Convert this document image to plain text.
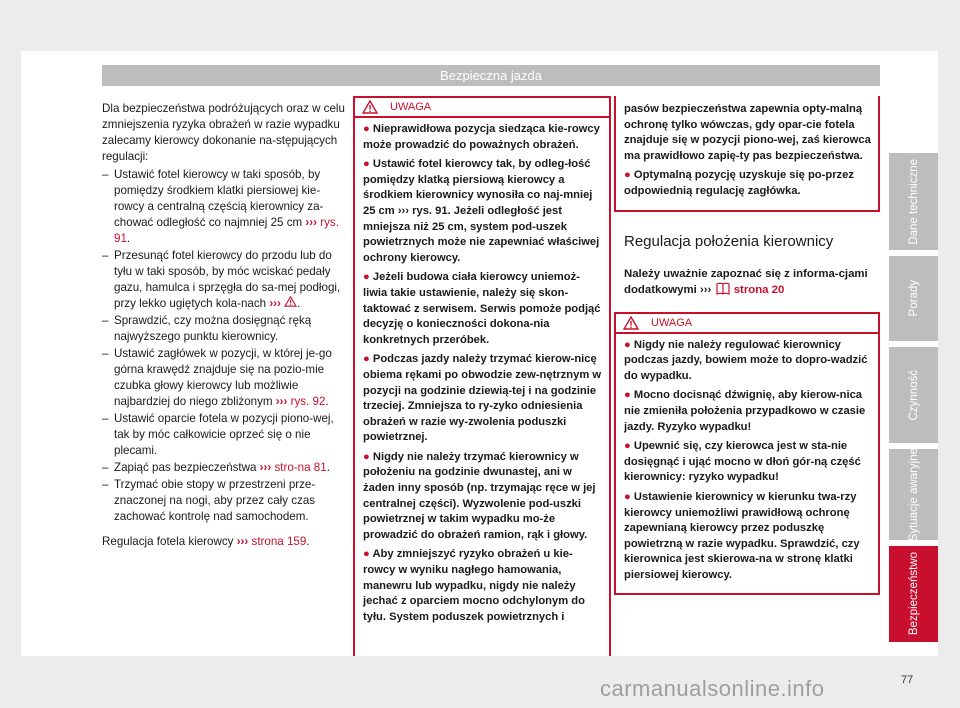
Bezpieczna jazda

Dla bezpieczeństwa podróżujących oraz w celu zmniejszenia ryzyka obrażeń w razie wypadku zalecamy kierowcy dokonanie na-stępujących regulacji:

– Ustawić fotel kierowcy w taki sposób, by pomiędzy środkiem klatki piersiowej kie-rowcy a centralną częścią kierownicy za-chować odległość co najmniej 25 cm ››› rys. 91.
– Przesunąć fotel kierowcy do przodu lub do tyłu w taki sposób, by móc wciskać pedały gazu, hamulca i sprzęgła do sa-mej podłogi, przy lekko ugiętych kola-nach ››› .
– Sprawdzić, czy można dosięgnąć ręką najwyższego punktu kierownicy.
– Ustawić zagłówek w pozycji, w której je-go górna krawędź znajduje się na pozio-mie czubka głowy kierowcy lub możliwie najbardziej do niego zbliżonym ››› rys. 92.
– Ustawić oparcie fotela w pozycji piono-wej, tak by móc całkowicie oprzeć się o nie plecami.
– Zapiąć pas bezpieczeństwa ››› stro-na 81.
– Trzymać obie stopy w przestrzeni prze-znaczonej na nogi, aby przez cały czas zachować kontrolę nad samochodem.

Regulacja fotela kierowcy ››› strona 159.

UWAGA

● Nieprawidłowa pozycja siedząca kie-rowcy może prowadzić do poważnych obrażeń.

● Ustawić fotel kierowcy tak, by odleg-łość pomiędzy klatką piersiową kierowcy a środkiem kierownicy wynosiła co naj-mniej 25 cm ››› rys. 91. Jeżeli odległość jest mniejsza niż 25 cm, system pod-uszek powietrznych może nie zapewniać właściwej ochrony kierowcy.

● Jeżeli budowa ciała kierowcy uniemoż-liwia takie ustawienie, należy się skon-taktować z serwisem. Serwis pomoże podjąć decyzję o konieczności dokona-nia konkretnych przeróbek.

● Podczas jazdy należy trzymać kierow-nicę obiema rękami po obwodzie zew-nętrznym w pozycji na godzinie dziewią-tej i na godzinie trzeciej. Zmniejsza to ry-zyko odniesienia obrażeń w razie wy-zwolenia poduszki powietrznej.

● Nigdy nie należy trzymać kierownicy w położeniu na godzinie dwunastej, ani w żaden inny sposób (np. trzymając ręce w jej centralnej części). Wyzwolenie pod-uszki powietrznej w takim wypadku mo-że prowadzić do obrażeń ramion, rąk i głowy.

● Aby zmniejszyć ryzyko obrażeń u kie-rowcy w wyniku nagłego hamowania, manewru lub wypadku, nigdy nie należy jechać z oparciem mocno odchylonym do tyłu. System poduszek powietrznych i

pasów bezpieczeństwa zapewnia opty-malną ochronę tylko wówczas, gdy opar-cie fotela znajduje się w pozycji piono-wej, zaś kierowca ma prawidłowo zapię-ty pas bezpieczeństwa.

● Optymalną pozycję uzyskuje się po-przez odpowiednią regulację zagłówka.

Regulacja położenia kierownicy

Należy uważnie zapoznać się z informa-cjami dodatkowymi ››› strona 20

UWAGA

● Nigdy nie należy regulować kierownicy podczas jazdy, bowiem może to dopro-wadzić do wypadku.

● Mocno docisnąć dźwignię, aby kierow-nica nie zmieniła położenia przypadkowo w czasie jazdy. Ryzyko wypadku!

● Upewnić się, czy kierowca jest w sta-nie dosięgnąć i ująć mocno w dłoń gór-ną część kierownicy: ryzyko wypadku!

● Ustawienie kierownicy w kierunku twa-rzy kierowcy uniemożliwi prawidłową ochronę zapewnianą kierowcy przez poduszkę powietrzną w razie wypadku. Sprawdzić, czy kierownica jest skierowa-na w stronę klatki piersiowej kierowcy.

Dane techniczne
Porady
Czynność
Sytuacje awaryjne
Bezpieczeństwo
77
carmanualsonline.info
